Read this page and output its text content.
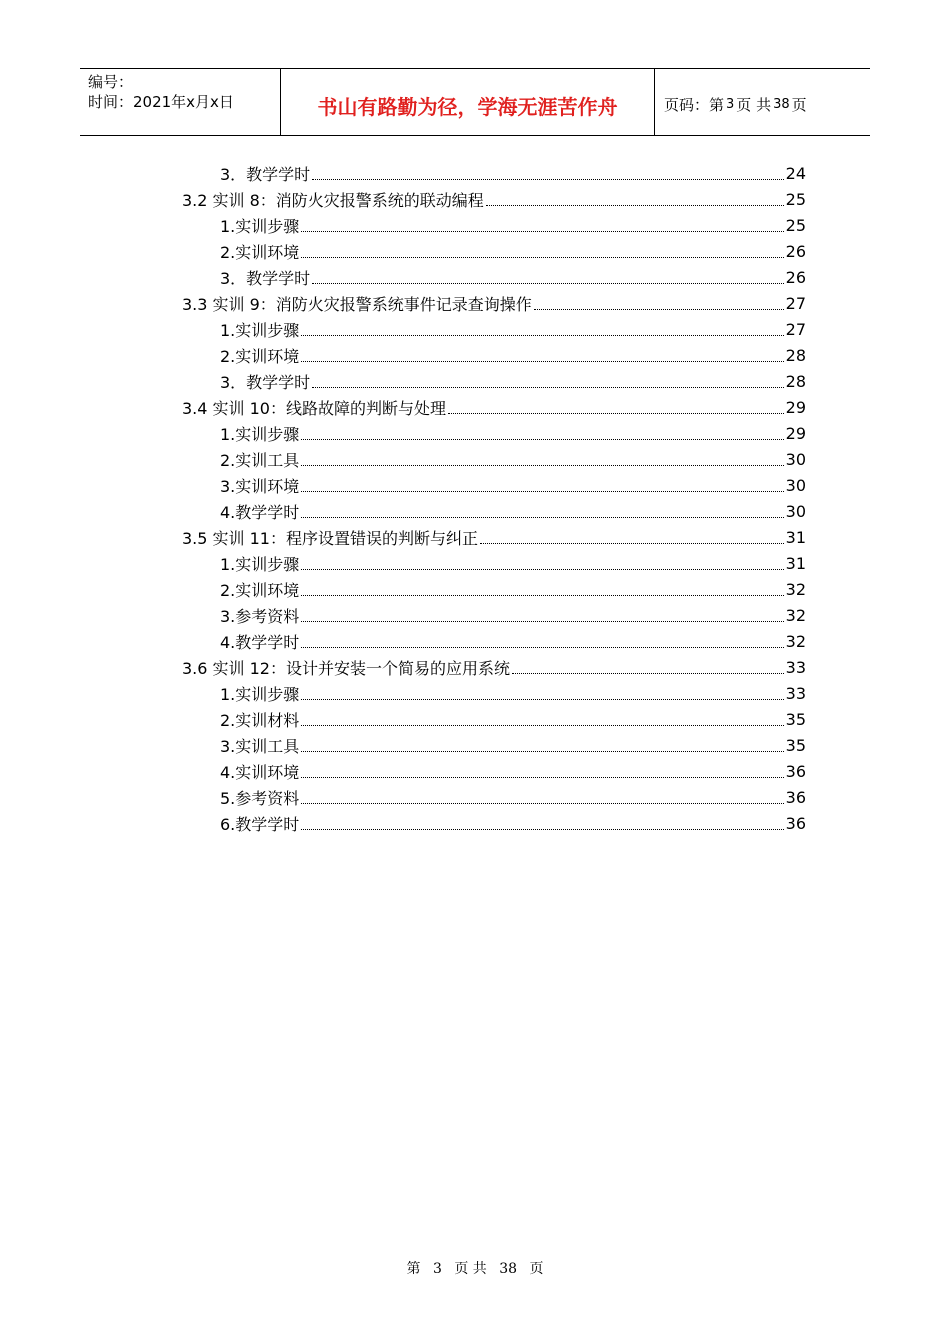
编号：
时间：2021年x月x日	书山有路勤为径，学海无涯苦作舟	页码：第 3 页 共 38 页
3．教学学时	24
3.2 实训 8：消防火灾报警系统的联动编程	25
1.实训步骤	25
2.实训环境	26
3．教学学时	26
3.3 实训 9：消防火灾报警系统事件记录查询操作	27
1.实训步骤	27
2.实训环境	28
3．教学学时	28
3.4 实训 10：线路故障的判断与处理	29
1.实训步骤	29
2.实训工具	30
3.实训环境	30
4.教学学时	30
3.5 实训 11：程序设置错误的判断与纠正	31
1.实训步骤	31
2.实训环境	32
3.参考资料	32
4.教学学时	32
3.6 实训 12：设计并安装一个简易的应用系统	33
1.实训步骤	33
2.实训材料	35
3.实训工具	35
4.实训环境	36
5.参考资料	36
6.教学学时	36
第 3 页 共 38 页
